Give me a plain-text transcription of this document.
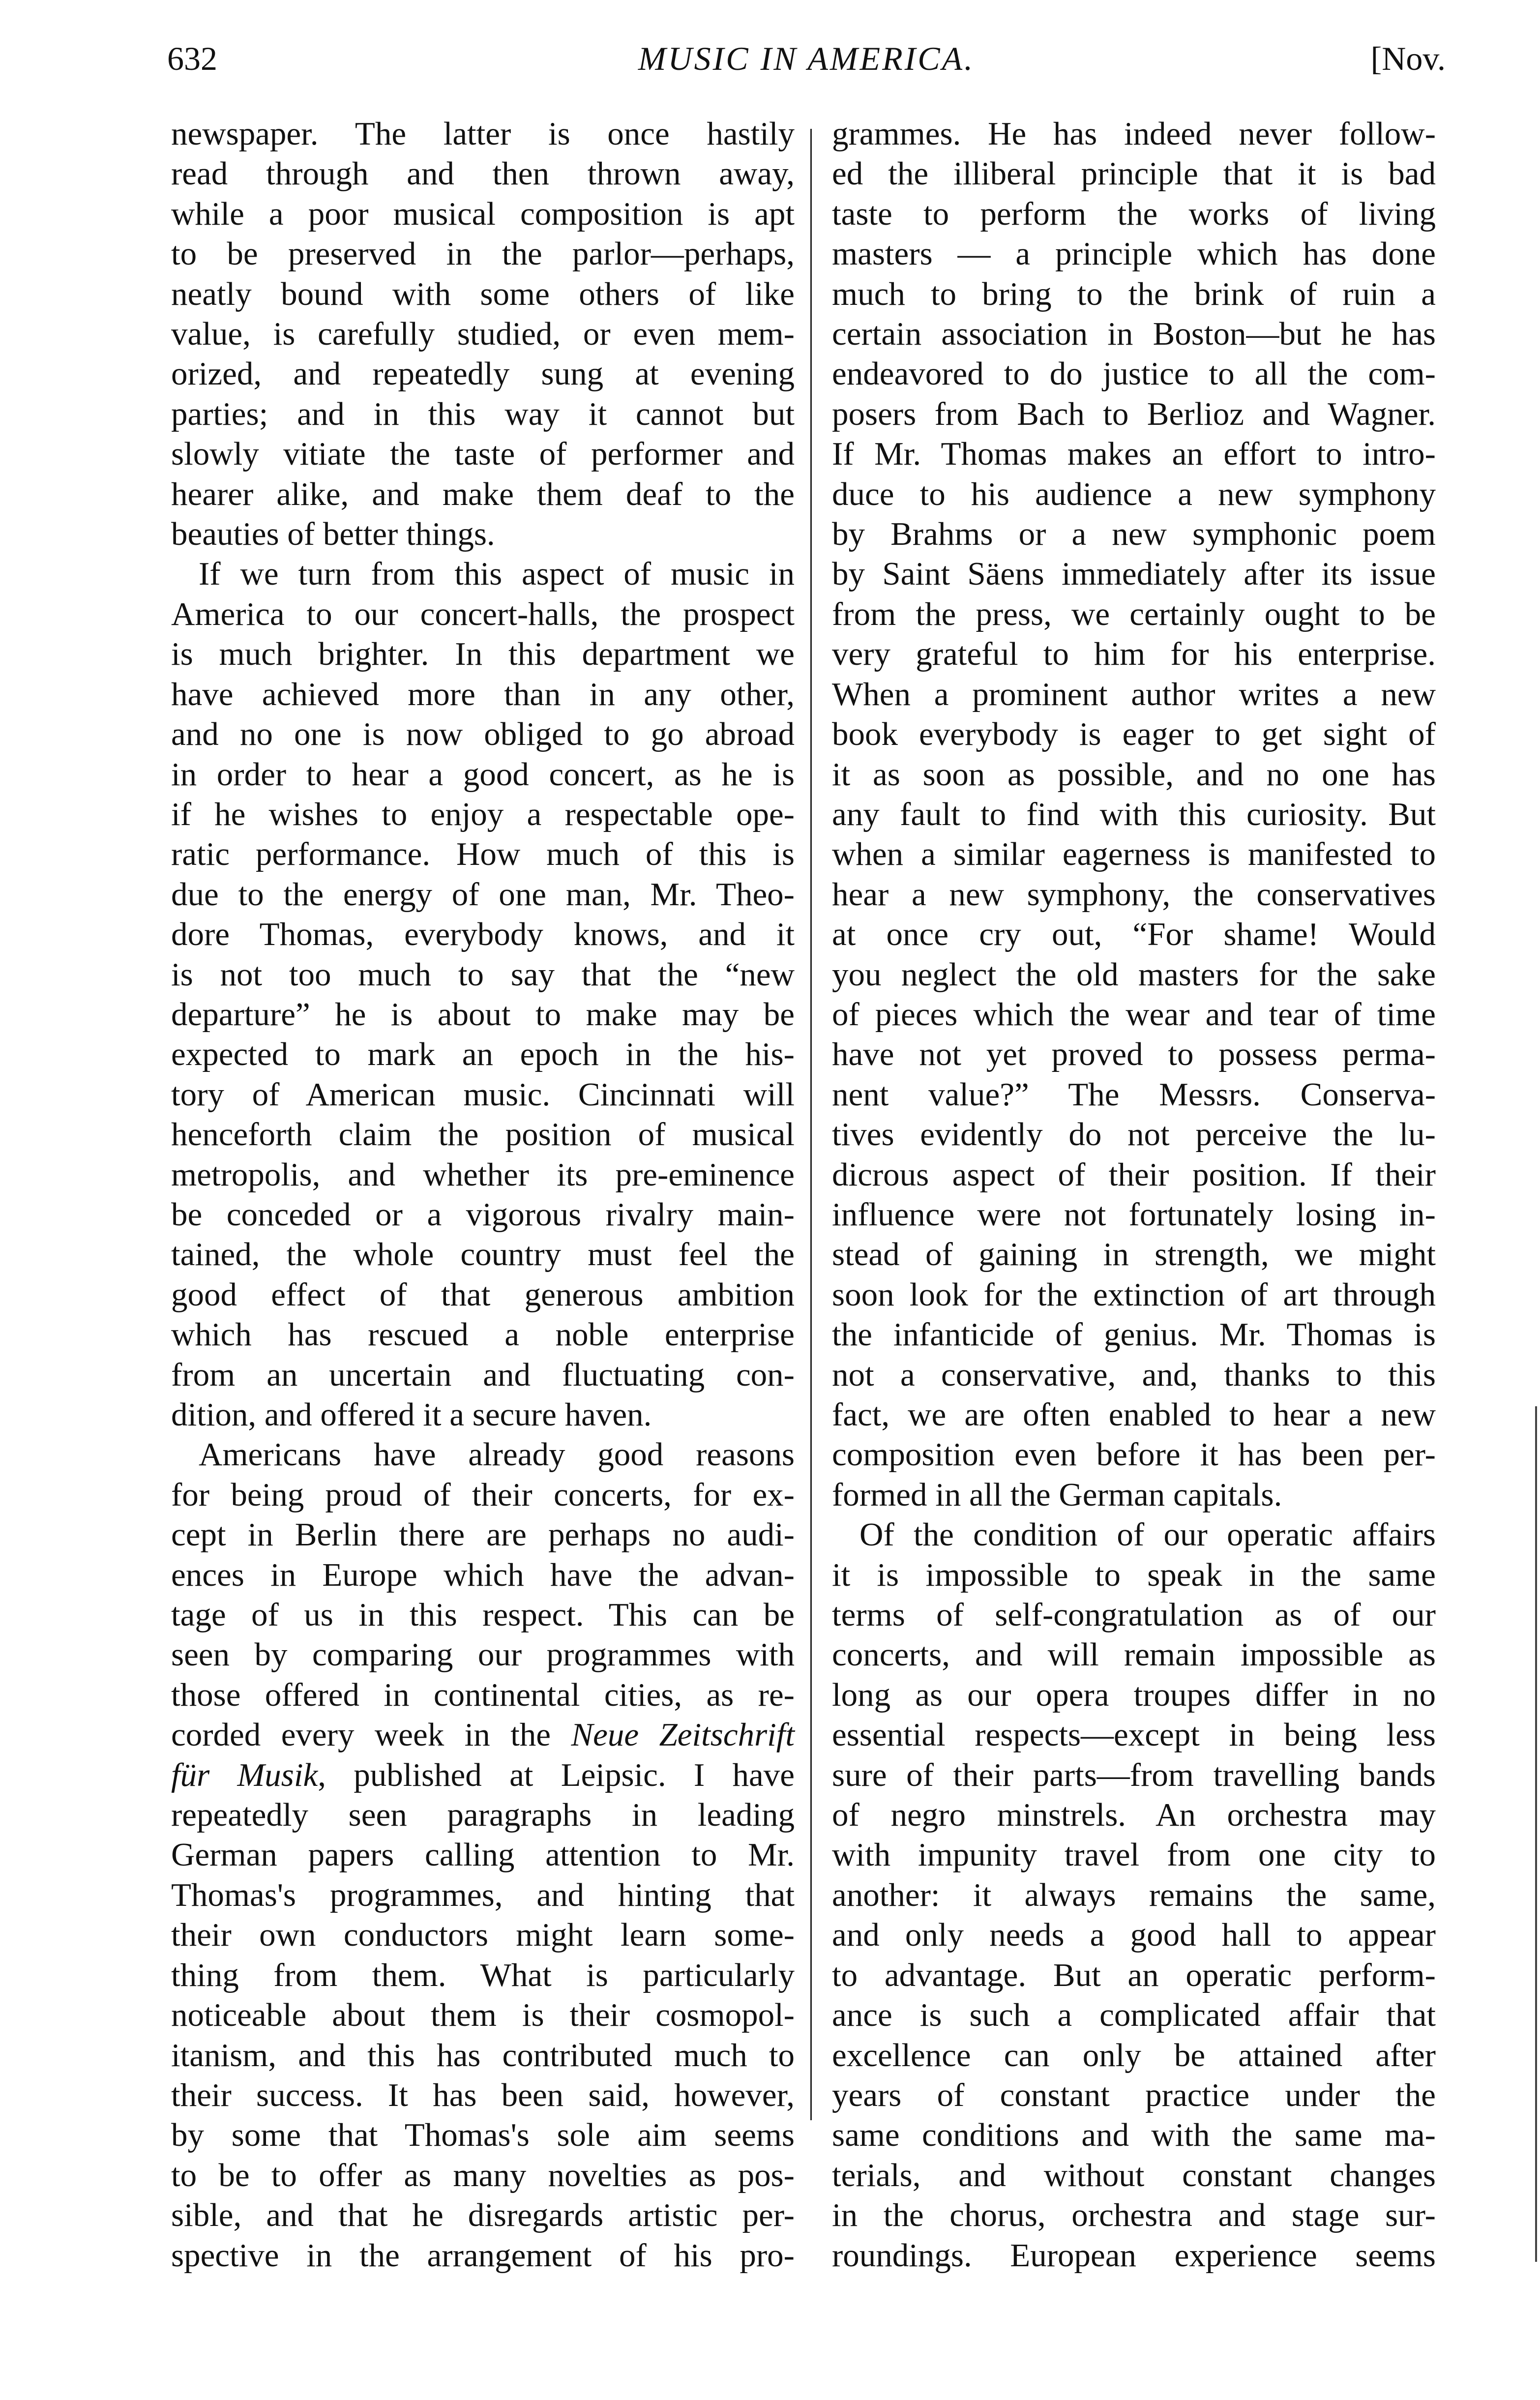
632	MUSIC IN AMERICA.	[Nov.
newspaper. The latter is once hastily
read through and then thrown away,
while a poor musical composition is apt
to be preserved in the parlor—perhaps,
neatly bound with some others of like
value, is carefully studied, or even mem-
orized, and repeatedly sung at evening
parties; and in this way it cannot but
slowly vitiate the taste of performer and
hearer alike, and make them deaf to the
beauties of better things.
If we turn from this aspect of music in
America to our concert-halls, the prospect
is much brighter. In this department we
have achieved more than in any other,
and no one is now obliged to go abroad
in order to hear a good concert, as he is
if he wishes to enjoy a respectable ope-
ratic performance. How much of this is
due to the energy of one man, Mr. Theo-
dore Thomas, everybody knows, and it
is not too much to say that the “new
departure” he is about to make may be
expected to mark an epoch in the his-
tory of American music. Cincinnati will
henceforth claim the position of musical
metropolis, and whether its pre-eminence
be conceded or a vigorous rivalry main-
tained, the whole country must feel the
good effect of that generous ambition
which has rescued a noble enterprise
from an uncertain and fluctuating con-
dition, and offered it a secure haven.
Americans have already good reasons
for being proud of their concerts, for ex-
cept in Berlin there are perhaps no audi-
ences in Europe which have the advan-
tage of us in this respect. This can be
seen by comparing our programmes with
those offered in continental cities, as re-
corded every week in the Neue Zeitschrift
für Musik, published at Leipsic. I have
repeatedly seen paragraphs in leading
German papers calling attention to Mr.
Thomas's programmes, and hinting that
their own conductors might learn some-
thing from them. What is particularly
noticeable about them is their cosmopol-
itanism, and this has contributed much to
their success. It has been said, however,
by some that Thomas's sole aim seems
to be to offer as many novelties as pos-
sible, and that he disregards artistic per-
spective in the arrangement of his pro-
grammes. He has indeed never follow-
ed the illiberal principle that it is bad
taste to perform the works of living
masters — a principle which has done
much to bring to the brink of ruin a
certain association in Boston—but he has
endeavored to do justice to all the com-
posers from Bach to Berlioz and Wagner.
If Mr. Thomas makes an effort to intro-
duce to his audience a new symphony
by Brahms or a new symphonic poem
by Saint Säens immediately after its issue
from the press, we certainly ought to be
very grateful to him for his enterprise.
When a prominent author writes a new
book everybody is eager to get sight of
it as soon as possible, and no one has
any fault to find with this curiosity. But
when a similar eagerness is manifested to
hear a new symphony, the conservatives
at once cry out, “For shame! Would
you neglect the old masters for the sake
of pieces which the wear and tear of time
have not yet proved to possess perma-
nent value?” The Messrs. Conserva-
tives evidently do not perceive the lu-
dicrous aspect of their position. If their
influence were not fortunately losing in-
stead of gaining in strength, we might
soon look for the extinction of art through
the infanticide of genius. Mr. Thomas is
not a conservative, and, thanks to this
fact, we are often enabled to hear a new
composition even before it has been per-
formed in all the German capitals.
Of the condition of our operatic affairs
it is impossible to speak in the same
terms of self-congratulation as of our
concerts, and will remain impossible as
long as our opera troupes differ in no
essential respects—except in being less
sure of their parts—from travelling bands
of negro minstrels. An orchestra may
with impunity travel from one city to
another: it always remains the same,
and only needs a good hall to appear
to advantage. But an operatic perform-
ance is such a complicated affair that
excellence can only be attained after
years of constant practice under the
same conditions and with the same ma-
terials, and without constant changes
in the chorus, orchestra and stage sur-
roundings. European experience seems
